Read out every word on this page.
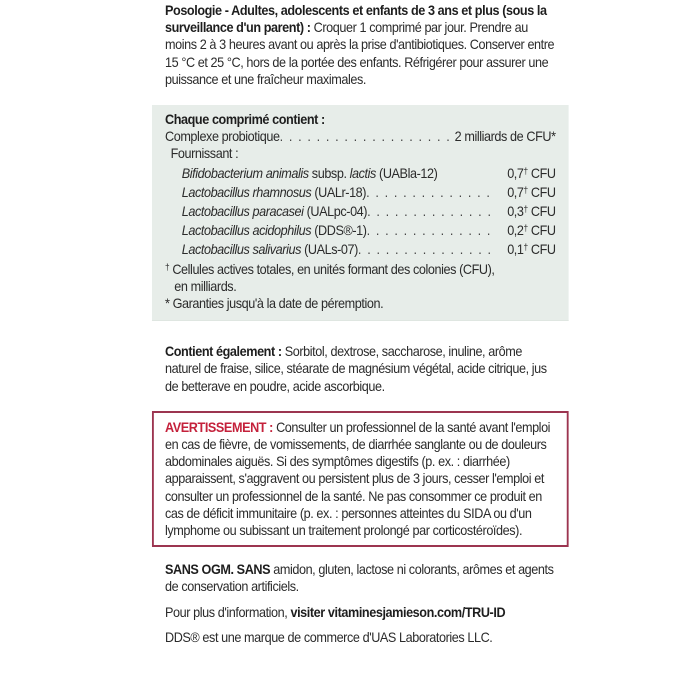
Posologie - Adultes, adolescents et enfants de 3 ans et plus (sous la surveillance d'un parent) : Croquer 1 comprimé par jour. Prendre au moins 2 à 3 heures avant ou après la prise d'antibiotiques. Conserver entre 15 °C et 25 °C, hors de la portée des enfants. Réfrigérer pour assurer une puissance et une fraîcheur maximales.

Chaque comprimé contient :

Complexe probiotique . . .	2 milliards de CFU*

Fournissant :

Bifidobacterium animalis subsp. lactis (UABla-12)	0,7† CFU
Lactobacillus rhamnosus (UALr-18) . . .	0,7† CFU
Lactobacillus paracasei (UALpc-04) . . .	0,3† CFU
Lactobacillus acidophilus (DDS®-1) . . .	0,2† CFU
Lactobacillus salivarius (UALs-07) . . .	0,1† CFU

† Cellules actives totales, en unités formant des colonies (CFU),

en milliards.

* Garanties jusqu'à la date de péremption.

Contient également : Sorbitol, dextrose, saccharose, inuline, arôme naturel de fraise, silice, stéarate de magnésium végétal, acide citrique, jus de betterave en poudre, acide ascorbique.

AVERTISSEMENT : Consulter un professionnel de la santé avant l'emploi en cas de fièvre, de vomissements, de diarrhée sanglante ou de douleurs abdominales aiguës. Si des symptômes digestifs (p. ex. : diarrhée) apparaissent, s'aggravent ou persistent plus de 3 jours, cesser l'emploi et consulter un professionnel de la santé. Ne pas consommer ce produit en cas de déficit immunitaire (p. ex. : personnes atteintes du SIDA ou d'un lymphome ou subissant un traitement prolongé par corticostéroïdes).

SANS OGM. SANS amidon, gluten, lactose ni colorants, arômes et agents de conservation artificiels.

Pour plus d'information, visiter vitaminesjamieson.com/TRU-ID

DDS® est une marque de commerce d'UAS Laboratories LLC.
